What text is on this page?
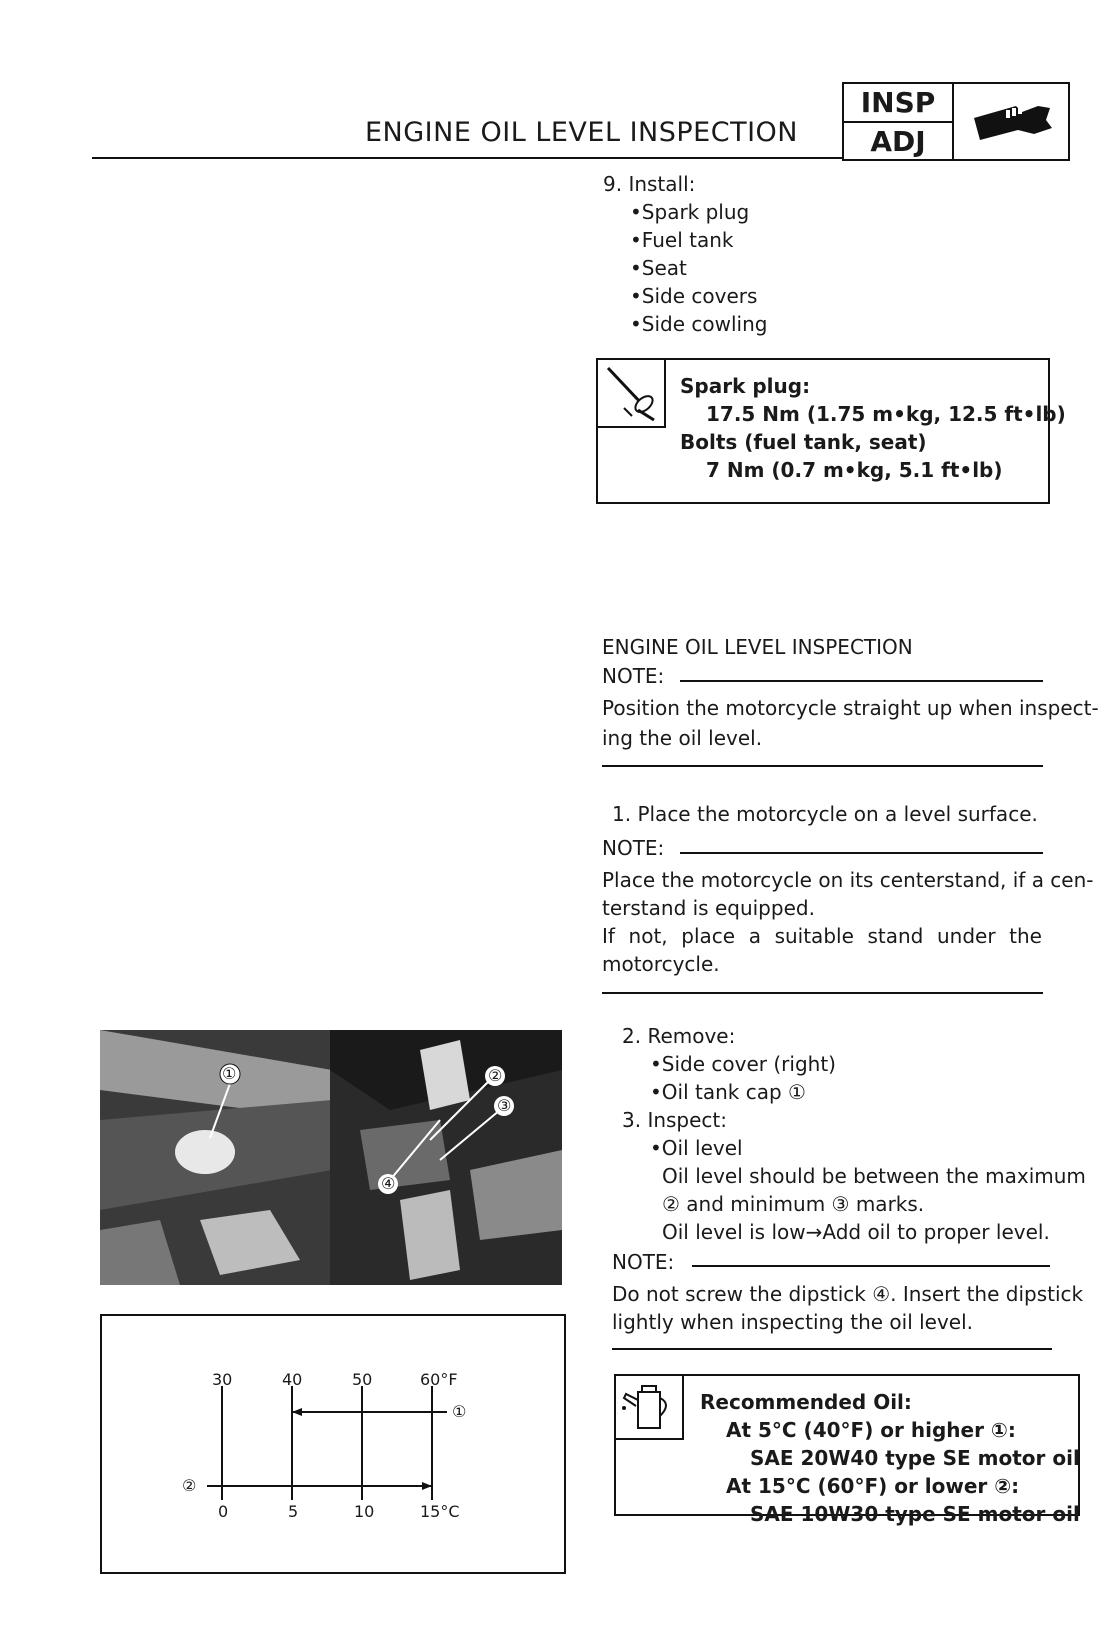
ENGINE OIL LEVEL INSPECTION
INSP
ADJ
9. Install:
•Spark plug
•Fuel tank
•Seat
•Side covers
•Side cowling
Spark plug:
17.5 Nm (1.75 m•kg, 12.5 ft•lb)
Bolts (fuel tank, seat)
7 Nm (0.7 m•kg, 5.1 ft•lb)
ENGINE OIL LEVEL INSPECTION
NOTE:
Position the motorcycle straight up when inspect-
ing the oil level.
1. Place the motorcycle on a level surface.
NOTE:
Place the motorcycle on its centerstand, if a cen-
terstand is equipped.
If not, place a suitable stand under the
motorcycle.
2. Remove:
•Side cover (right)
•Oil tank cap ①
3. Inspect:
•Oil level
Oil level should be between the maximum
② and minimum ③ marks.
Oil level is low→Add oil to proper level.
NOTE:
Do not screw the dipstick ④. Insert the dipstick
lightly when inspecting the oil level.
①	②
③
④
30	40	50	60°F
0	5	10	15°C
①
②
Recommended Oil:
At 5°C (40°F) or higher ①:
SAE 20W40 type SE motor oil
At 15°C (60°F) or lower ②:
SAE 10W30 type SE motor oil
